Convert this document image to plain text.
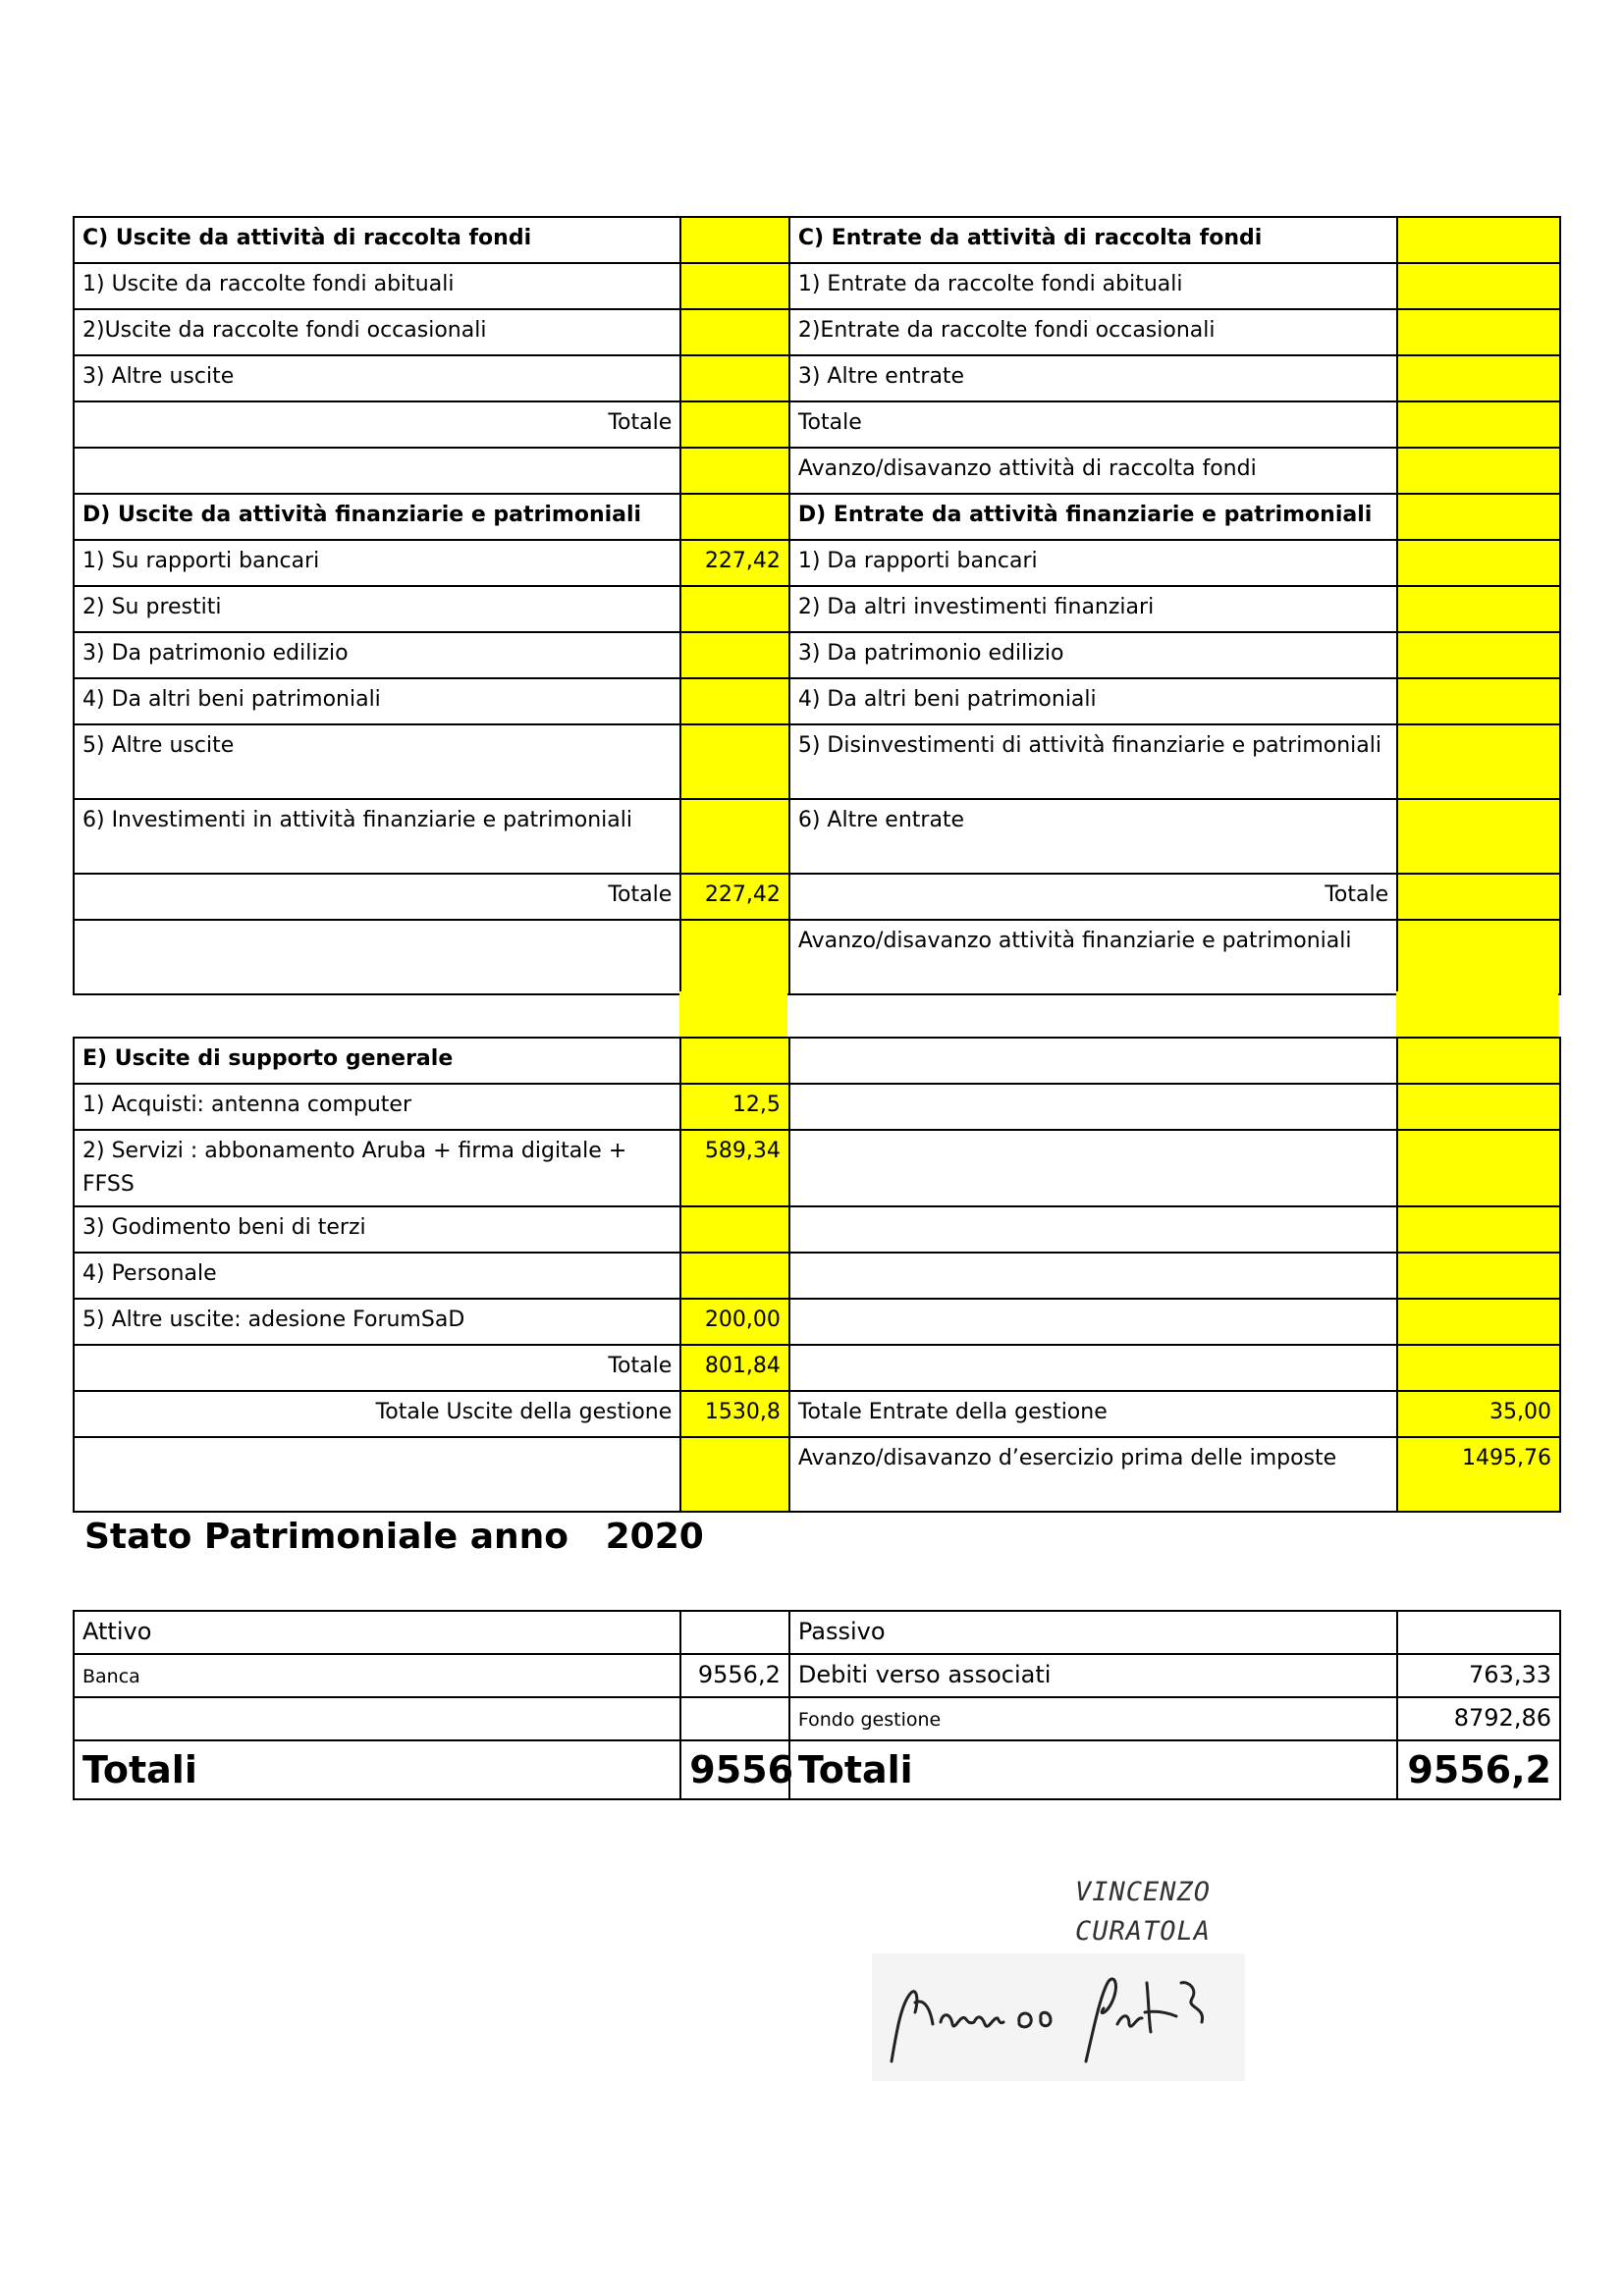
C) Uscite da attività di raccolta fondi		C) Entrate da attività di raccolta fondi	
1) Uscite da raccolte fondi abituali		1) Entrate da raccolte fondi abituali	
2)Uscite da raccolte fondi occasionali		2)Entrate da raccolte fondi occasionali	
3) Altre uscite		3) Altre entrate	
Totale		Totale	
		Avanzo/disavanzo attività di raccolta fondi	
D) Uscite da attività finanziarie e patrimoniali		D) Entrate da attività finanziarie e patrimoniali	
1) Su rapporti bancari	227,42	1) Da rapporti bancari	
2) Su prestiti		2) Da altri investimenti finanziari	
3) Da patrimonio edilizio		3) Da patrimonio edilizio	
4) Da altri beni patrimoniali		4) Da altri beni patrimoniali	
5) Altre uscite		5) Disinvestimenti di attività finanziarie e patrimoniali	
6) Investimenti in attività finanziarie e patrimoniali		6) Altre entrate	
Totale	227,42	Totale	
		Avanzo/disavanzo attività finanziarie e patrimoniali	
E) Uscite di supporto generale			
1) Acquisti: antenna computer	12,5		
2) Servizi : abbonamento Aruba + firma digitale + FFSS	589,34		
3) Godimento beni di terzi			
4) Personale			
5) Altre uscite: adesione ForumSaD	200,00		
Totale	801,84		
Totale Uscite della gestione	1530,8	Totale Entrate della gestione	35,00
		Avanzo/disavanzo d’esercizio prima delle imposte	1495,76
Stato Patrimoniale anno   2020
Attivo		Passivo	
Banca	9556,2	Debiti verso associati	763,33
		Fondo gestione	8792,86
Totali	9556	Totali	9556,2
VINCENZO
CURATOLA
